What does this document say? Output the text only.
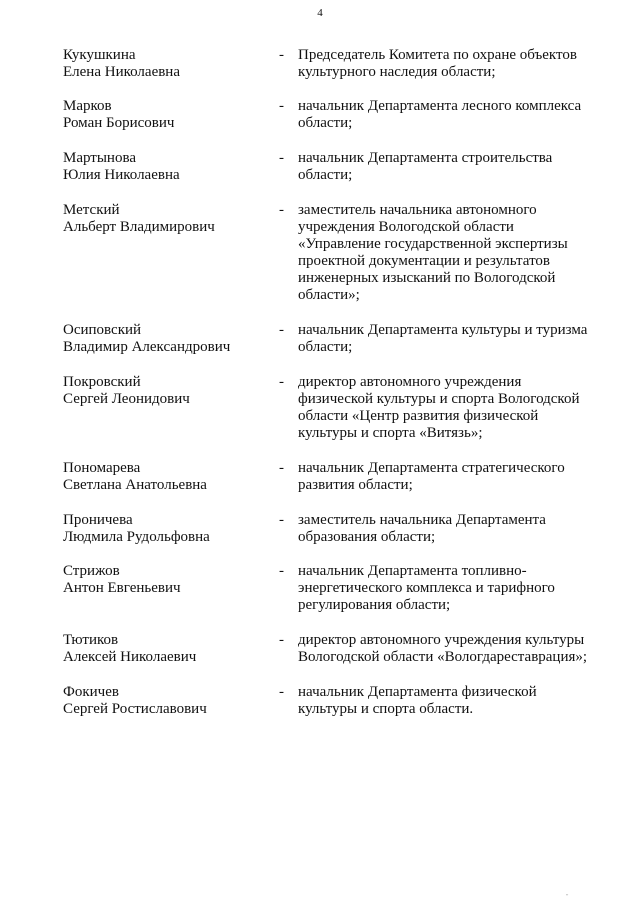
4
Кукушкина
Елена Николаевна
- Председатель Комитета по охране объектов
культурного наследия области;
Марков
Роман Борисович
- начальник Департамента лесного комплекса
области;
Мартынова
Юлия Николаевна
- начальник Департамента строительства
области;
Метский
Альберт Владимирович
- заместитель начальника автономного
учреждения Вологодской области
«Управление государственной экспертизы
проектной документации и результатов
инженерных изысканий по Вологодской
области»;
Осиповский
Владимир Александрович
- начальник Департамента культуры и туризма
области;
Покровский
Сергей Леонидович
- директор автономного учреждения
физической культуры и спорта Вологодской
области «Центр развития физической
культуры и спорта «Витязь»;
Пономарева
Светлана Анатольевна
- начальник Департамента стратегического
развития области;
Проничева
Людмила Рудольфовна
- заместитель начальника Департамента
образования области;
Стрижов
Антон Евгеньевич
- начальник Департамента топливно-
энергетического комплекса и тарифного
регулирования области;
Тютиков
Алексей Николаевич
- директор автономного учреждения культуры
Вологодской области «Вологдареставрация»;
Фокичев
Сергей Ростиславович
- начальник Департамента физической
культуры и спорта области.
"
